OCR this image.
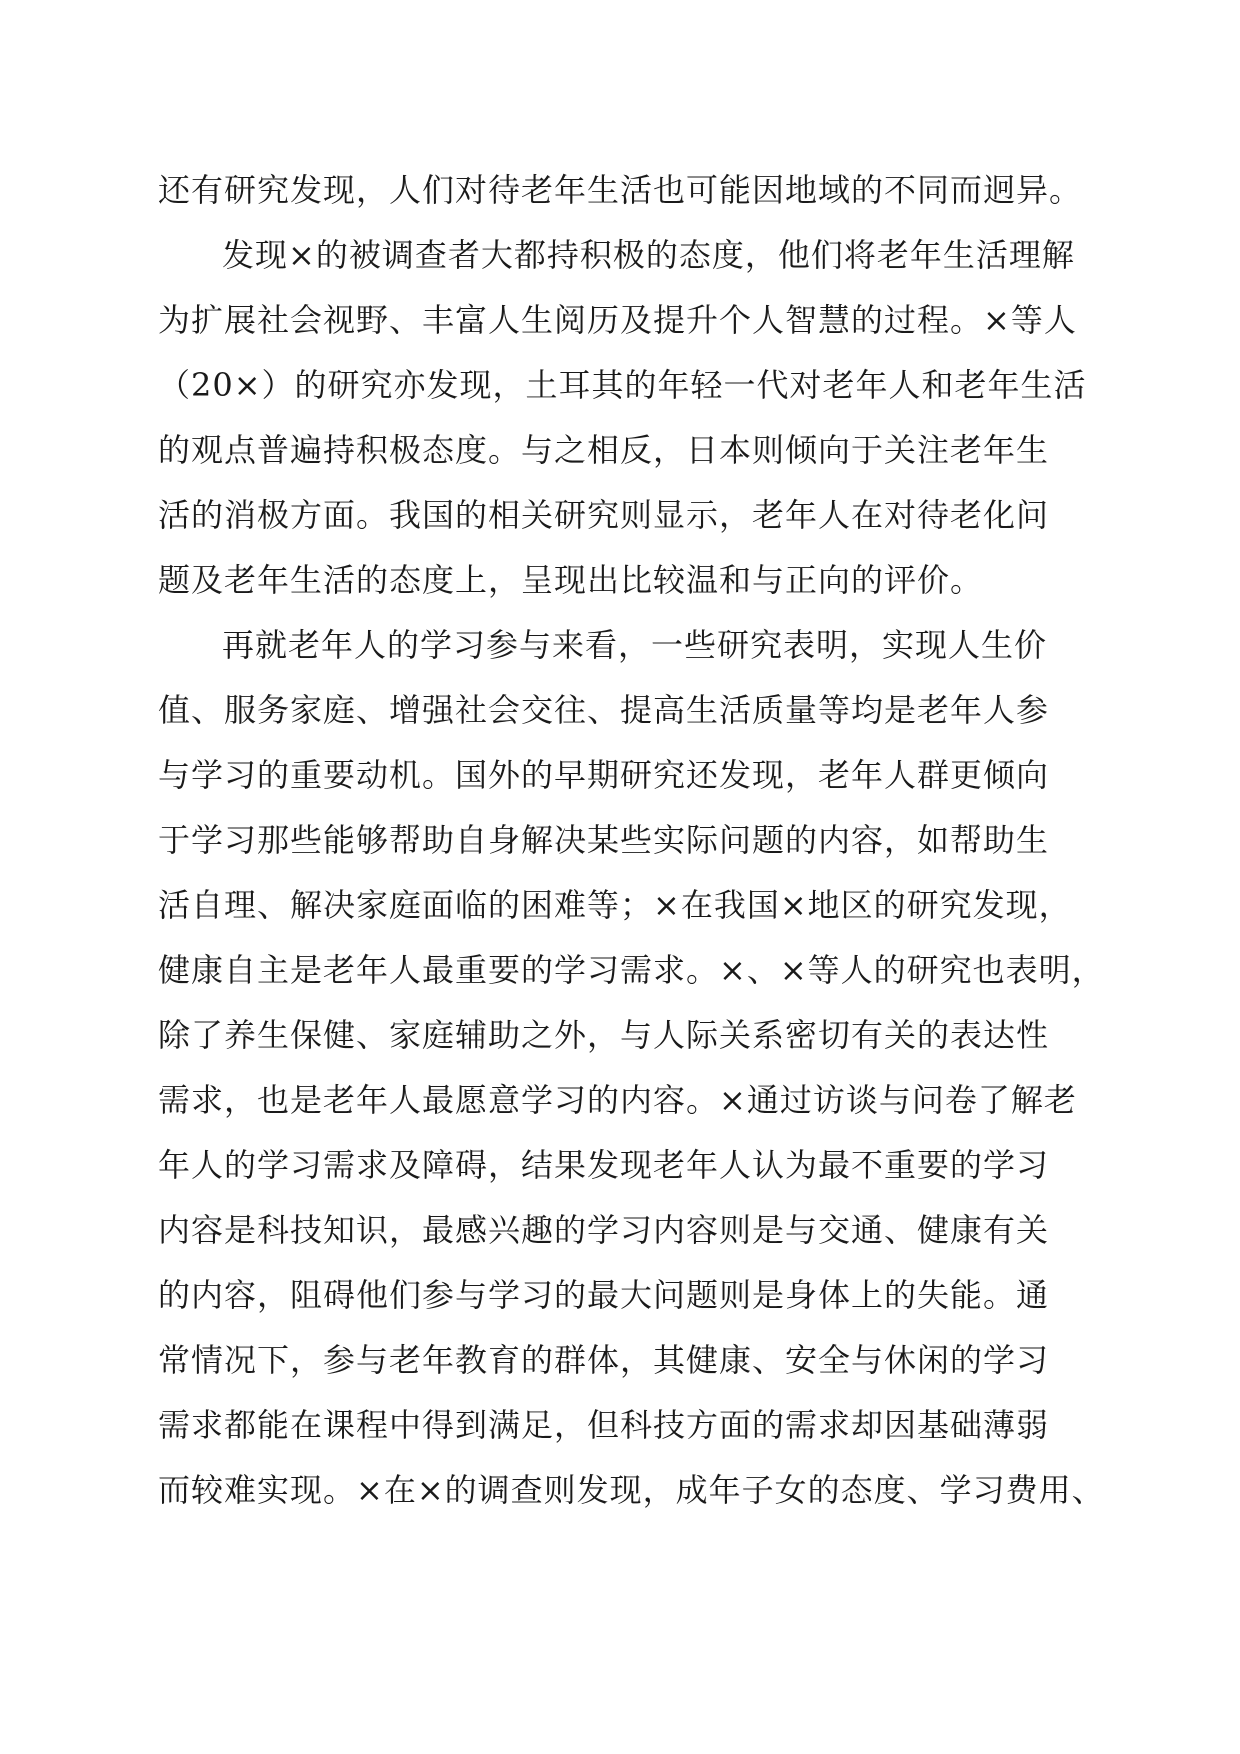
还有研究发现，人们对待老年生活也可能因地域的不同而迥异。
发现×的被调查者大都持积极的态度，他们将老年生活理解
为扩展社会视野、丰富人生阅历及提升个人智慧的过程。×等人
（20×）的研究亦发现，土耳其的年轻一代对老年人和老年生活
的观点普遍持积极态度。与之相反，日本则倾向于关注老年生
活的消极方面。我国的相关研究则显示，老年人在对待老化问
题及老年生活的态度上，呈现出比较温和与正向的评价。
再就老年人的学习参与来看，一些研究表明，实现人生价
值、服务家庭、增强社会交往、提高生活质量等均是老年人参
与学习的重要动机。国外的早期研究还发现，老年人群更倾向
于学习那些能够帮助自身解决某些实际问题的内容，如帮助生
活自理、解决家庭面临的困难等；×在我国×地区的研究发现，
健康自主是老年人最重要的学习需求。×、×等人的研究也表明，
除了养生保健、家庭辅助之外，与人际关系密切有关的表达性
需求，也是老年人最愿意学习的内容。×通过访谈与问卷了解老
年人的学习需求及障碍，结果发现老年人认为最不重要的学习
内容是科技知识，最感兴趣的学习内容则是与交通、健康有关
的内容，阻碍他们参与学习的最大问题则是身体上的失能。通
常情况下，参与老年教育的群体，其健康、安全与休闲的学习
需求都能在课程中得到满足，但科技方面的需求却因基础薄弱
而较难实现。×在×的调查则发现，成年子女的态度、学习费用、
